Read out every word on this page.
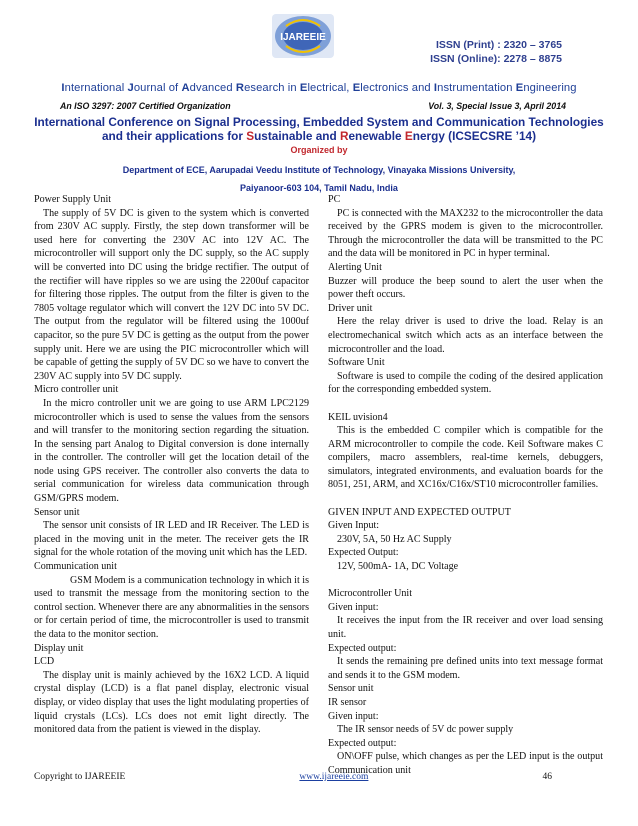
IJAREEIE
ISSN (Print) : 2320 – 3765
ISSN (Online): 2278 – 8875
International Journal of Advanced Research in Electrical, Electronics and Instrumentation Engineering
An ISO 3297: 2007 Certified Organization	Vol. 3, Special Issue 3, April 2014
International Conference on Signal Processing, Embedded System and Communication Technologies
and their applications for Sustainable and Renewable Energy (ICSECSRE ’14)
Organized by
Department of ECE, Aarupadai Veedu Institute of Technology, Vinayaka Missions University,
Paiyanoor-603 104, Tamil Nadu, India

Power Supply Unit

The supply of 5V DC is given to the system which is converted from 230V AC supply. Firstly, the step down transformer will be used here for converting the 230V AC into 12V AC. The microcontroller will support only the DC supply, so the AC supply will be converted into DC using the bridge rectifier. The output of the rectifier will have ripples so we are using the 2200uf capacitor for filtering those ripples. The output from the filter is given to the 7805 voltage regulator which will convert the 12V DC into 5V DC. The output from the regulator will be filtered using the 1000uf capacitor, so the pure 5V DC is getting as the output from the power supply unit. Here we are using the PIC microcontroller which will be capable of getting the supply of 5V DC so we have to convert the 230V AC supply into 5V DC supply.

Micro controller unit

In the micro controller unit we are going to use ARM LPC2129 microcontroller which is used to sense the values from the sensors and will transfer to the monitoring section regarding the situation. In the sensing part Analog to Digital conversion is done internally in the controller. The controller will get the location detail of the node using GPS receiver. The controller also converts the data to serial communication for wireless data communication through GSM/GPRS modem.

Sensor unit

The sensor unit consists of IR LED and IR Receiver. The LED is placed in the moving unit in the meter. The receiver gets the IR signal for the whole rotation of the moving unit which has the LED.

Communication unit

GSM Modem is a communication technology in which it is used to transmit the message from the monitoring section to the control section. Whenever there are any abnormalities in the sensors or for certain period of time, the microcontroller is used to transmit the data to the monitor section.

Display unit

LCD

The display unit is mainly achieved by the 16X2 LCD. A liquid crystal display (LCD) is a flat panel display, electronic visual display, or video display that uses the light modulating properties of liquid crystals (LCs). LCs does not emit light directly. The monitored data from the patient is viewed in the display.

PC

PC is connected with the MAX232 to the microcontroller the data received by the GPRS modem is given to the microcontroller. Through the microcontroller the data will be transmitted to the PC and the data will be monitored in PC in hyper terminal.

Alerting Unit

Buzzer will produce the beep sound to alert the user when the power theft occurs.

Driver unit

Here the relay driver is used to drive the load. Relay is an electromechanical switch which acts as an interface between the microcontroller and the load.

Software Unit

Software is used to compile the coding of the desired application for the corresponding embedded system.

KEIL uvision4

This is the embedded C compiler which is compatible for the ARM microcontroller to compile the code. Keil Software makes C compilers, macro assemblers, real-time kernels, debuggers, simulators, integrated environments, and evaluation boards for the 8051, 251, ARM, and XC16x/C16x/ST10 microcontroller families.

GIVEN INPUT AND EXPECTED OUTPUT

Given Input:

230V, 5A, 50 Hz AC Supply

Expected Output:

12V, 500mA- 1A, DC Voltage

Microcontroller Unit

Given input:

It receives the input from the IR receiver and over load sensing unit.

Expected output:

It sends the remaining pre defined units into text message format and sends it to the GSM modem.

Sensor unit

IR sensor

Given input:

The IR sensor needs of 5V dc power supply

Expected output:

ON\OFF pulse, which changes as per the LED input is the output Communication unit

Copyright to IJAREEIE	www.ijareeie.com	46
